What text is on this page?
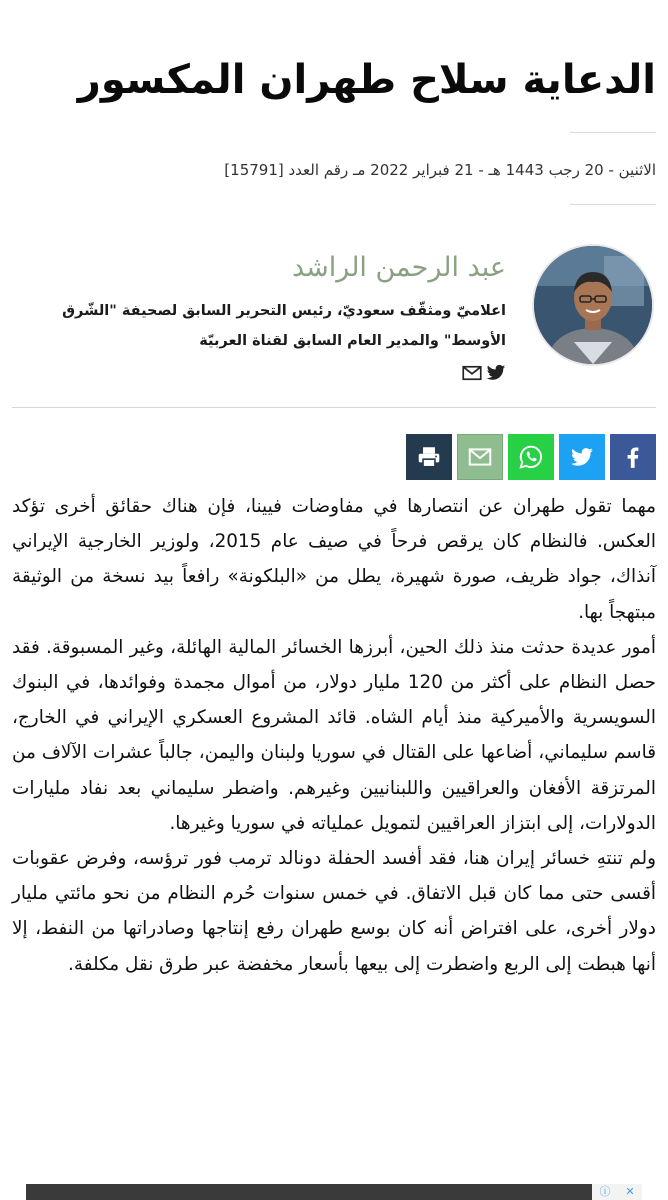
الدعاية سلاح طهران المكسور
الاثنين - 20 رجب 1443 هـ - 21 فبراير 2022 مـ رقم العدد [15791]
عبد الرحمن الراشد
اعلاميّ ومثقّف سعوديّ، رئيس التحرير السابق لصحيفة "الشّرق الأوسط" والمدير العام السابق لقناة العربيّة

مهما تقول طهران عن انتصارها في مفاوضات فيينا، فإن هناك حقائق أخرى تؤكد العكس. فالنظام كان يرقص فرحاً في صيف عام 2015، ولوزير الخارجية الإيراني آنذاك، جواد ظريف، صورة شهيرة، يطل من «البلكونة» رافعاً بيد نسخة من الوثيقة مبتهجاً بها.

أمور عديدة حدثت منذ ذلك الحين، أبرزها الخسائر المالية الهائلة، وغير المسبوقة. فقد حصل النظام على أكثر من 120 مليار دولار، من أموال مجمدة وفوائدها، في البنوك السويسرية والأميركية منذ أيام الشاه. قائد المشروع العسكري الإيراني في الخارج، قاسم سليماني، أضاعها على القتال في سوريا ولبنان واليمن، جالباً عشرات الآلاف من المرتزقة الأفغان والعراقيين واللبنانيين وغيرهم. واضطر سليماني بعد نفاد مليارات الدولارات، إلى ابتزاز العراقيين لتمويل عملياته في سوريا وغيرها.

ولم تنتهِ خسائر إيران هنا، فقد أفسد الحفلة دونالد ترمب فور ترؤسه، وفرض عقوبات أقسى حتى مما كان قبل الاتفاق. في خمس سنوات حُرم النظام من نحو مائتي مليار دولار أخرى، على افتراض أنه كان بوسع طهران رفع إنتاجها وصادراتها من النفط، إلا أنها هبطت إلى الربع واضطرت إلى بيعها بأسعار مخفضة عبر طرق نقل مكلفة.

ⓘ ✕
